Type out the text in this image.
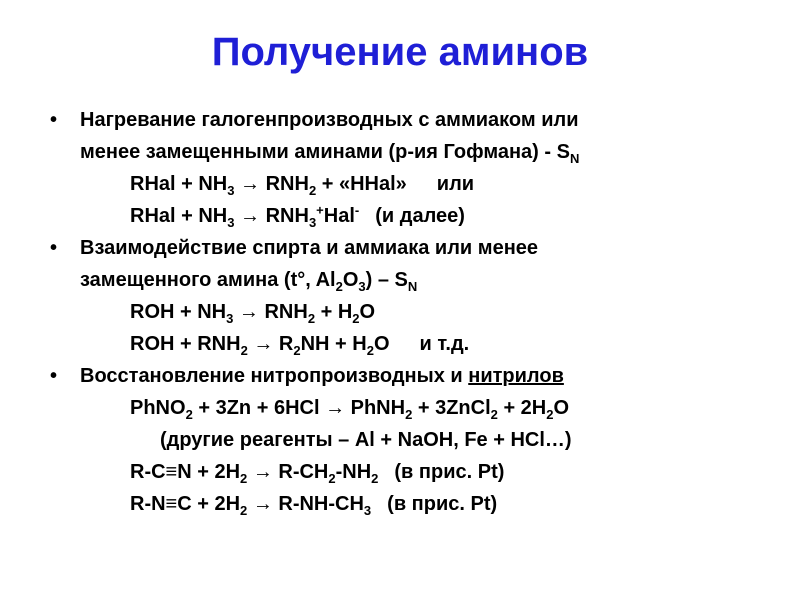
Получение аминов
•	Нагревание галогенпроизводных с аммиаком или
менее замещенными аминами (р-ия Гофмана) - $S_N$
RHal + $NH_3 \to RNH_2$ + «HHal» или
RHal + $NH_3 \to RNH_3^+Hal^-$ (и далее)
•	Взаимодействие спирта и аммиака или менее
замещенного амина (t°, $Al_2O_3) - S_N$
ROH + $NH_3 \to RNH_2 + H_2O$
ROH + $RNH_2 \to R_2NH + H_2O$ и т.д.
•	Восстановление нитропроизводных и нитрилов
PhNO$_2$ + 3Zn + 6HCl → PhNH$_2$ + 3ZnCl$_2$ + $2H_2O$
(другие реагенты – Al + NaOH, Fe + HCl…)
$R-C\equiv N + 2H_2 \to R-CH_2-NH_2$ (в прис. Pt)
$R-N\equiv C + 2H_2 \to R-NH-CH_3$ (в прис. Pt)
